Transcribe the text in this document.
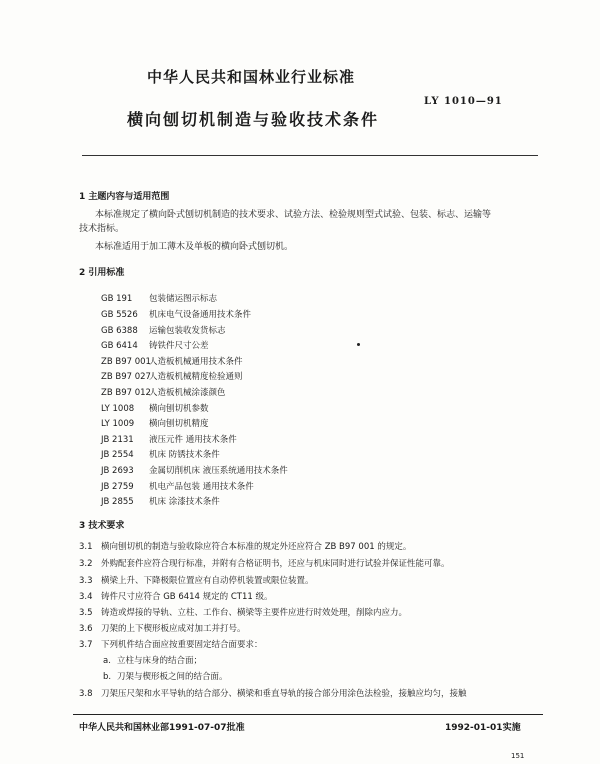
中华人民共和国林业行业标准
LY 1010—91
横向刨切机制造与验收技术条件
1 主题内容与适用范围
本标准规定了横向卧式刨切机制造的技术要求、试验方法、检验规则型式试验、包装、标志、运输等
技术指标。
本标准适用于加工薄木及单板的横向卧式刨切机。
2 引用标准
GB 191 包装储运图示标志
GB 5526 机床电气设备通用技术条件
GB 6388 运输包装收发货标志
GB 6414 铸铁件尺寸公差
ZB B97 001人造板机械通用技术条件
ZB B97 027人造板机械精度检验通则
ZB B97 012人造板机械涂漆颜色
LY 1008 横向刨切机参数
LY 1009 横向刨切机精度
JB 2131 液压元件 通用技术条件
JB 2554 机床 防锈技术条件
JB 2693 金属切削机床 液压系统通用技术条件
JB 2759 机电产品包装 通用技术条件
JB 2855 机床 涂漆技术条件
3 技术要求
3.1 横向刨切机的制造与验收除应符合本标准的规定外还应符合 ZB B97 001 的规定。
3.2 外购配套件应符合现行标准，并附有合格证明书，还应与机床同时进行试验并保证性能可靠。
3.3 横梁上升、下降极限位置应有自动停机装置或限位装置。
3.4 铸件尺寸应符合 GB 6414 规定的 CT11 级。
3.5 铸造或焊接的导轨、立柱、工作台、横梁等主要件应进行时效处理，削除内应力。
3.6 刀架的上下楔形板应成对加工并打号。
3.7 下列机件结合面应按重要固定结合面要求：
a. 立柱与床身的结合面；
b. 刀架与楔形板之间的结合面。
3.8 刀架压尺架和水平导轨的结合部分、横梁和垂直导轨的接合部分用涂色法检验，接触应均匀，接触
中华人民共和国林业部1991-07-07批准	1992-01-01实施
151
